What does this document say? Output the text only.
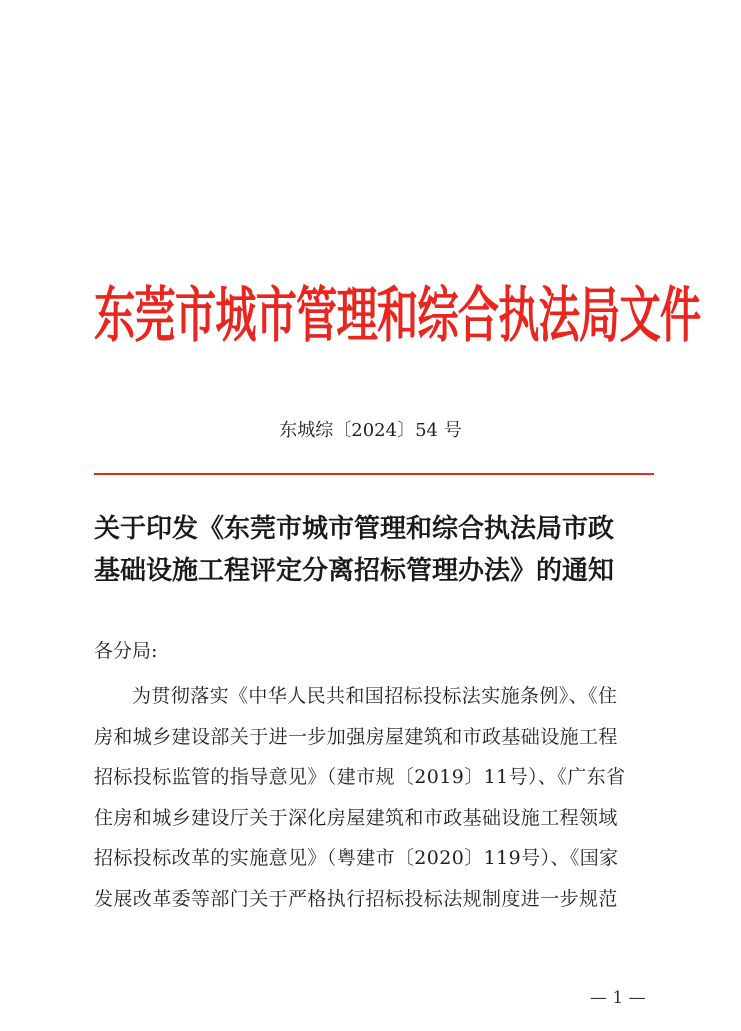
东莞市城市管理和综合执法局文件
东城综〔2024〕54 号
关于印发《东莞市城市管理和综合执法局市政
基础设施工程评定分离招标管理办法》的通知
各分局:
为贯彻落实《中华人民共和国招标投标法实施条例》、《住
房和城乡建设部关于进一步加强房屋建筑和市政基础设施工程
招标投标监管的指导意见》（建市规〔2019〕11号）、《广东省
住房和城乡建设厅关于深化房屋建筑和市政基础设施工程领域
招标投标改革的实施意见》（粤建市〔2020〕119号）、《国家
发展改革委等部门关于严格执行招标投标法规制度进一步规范
— 1 —
